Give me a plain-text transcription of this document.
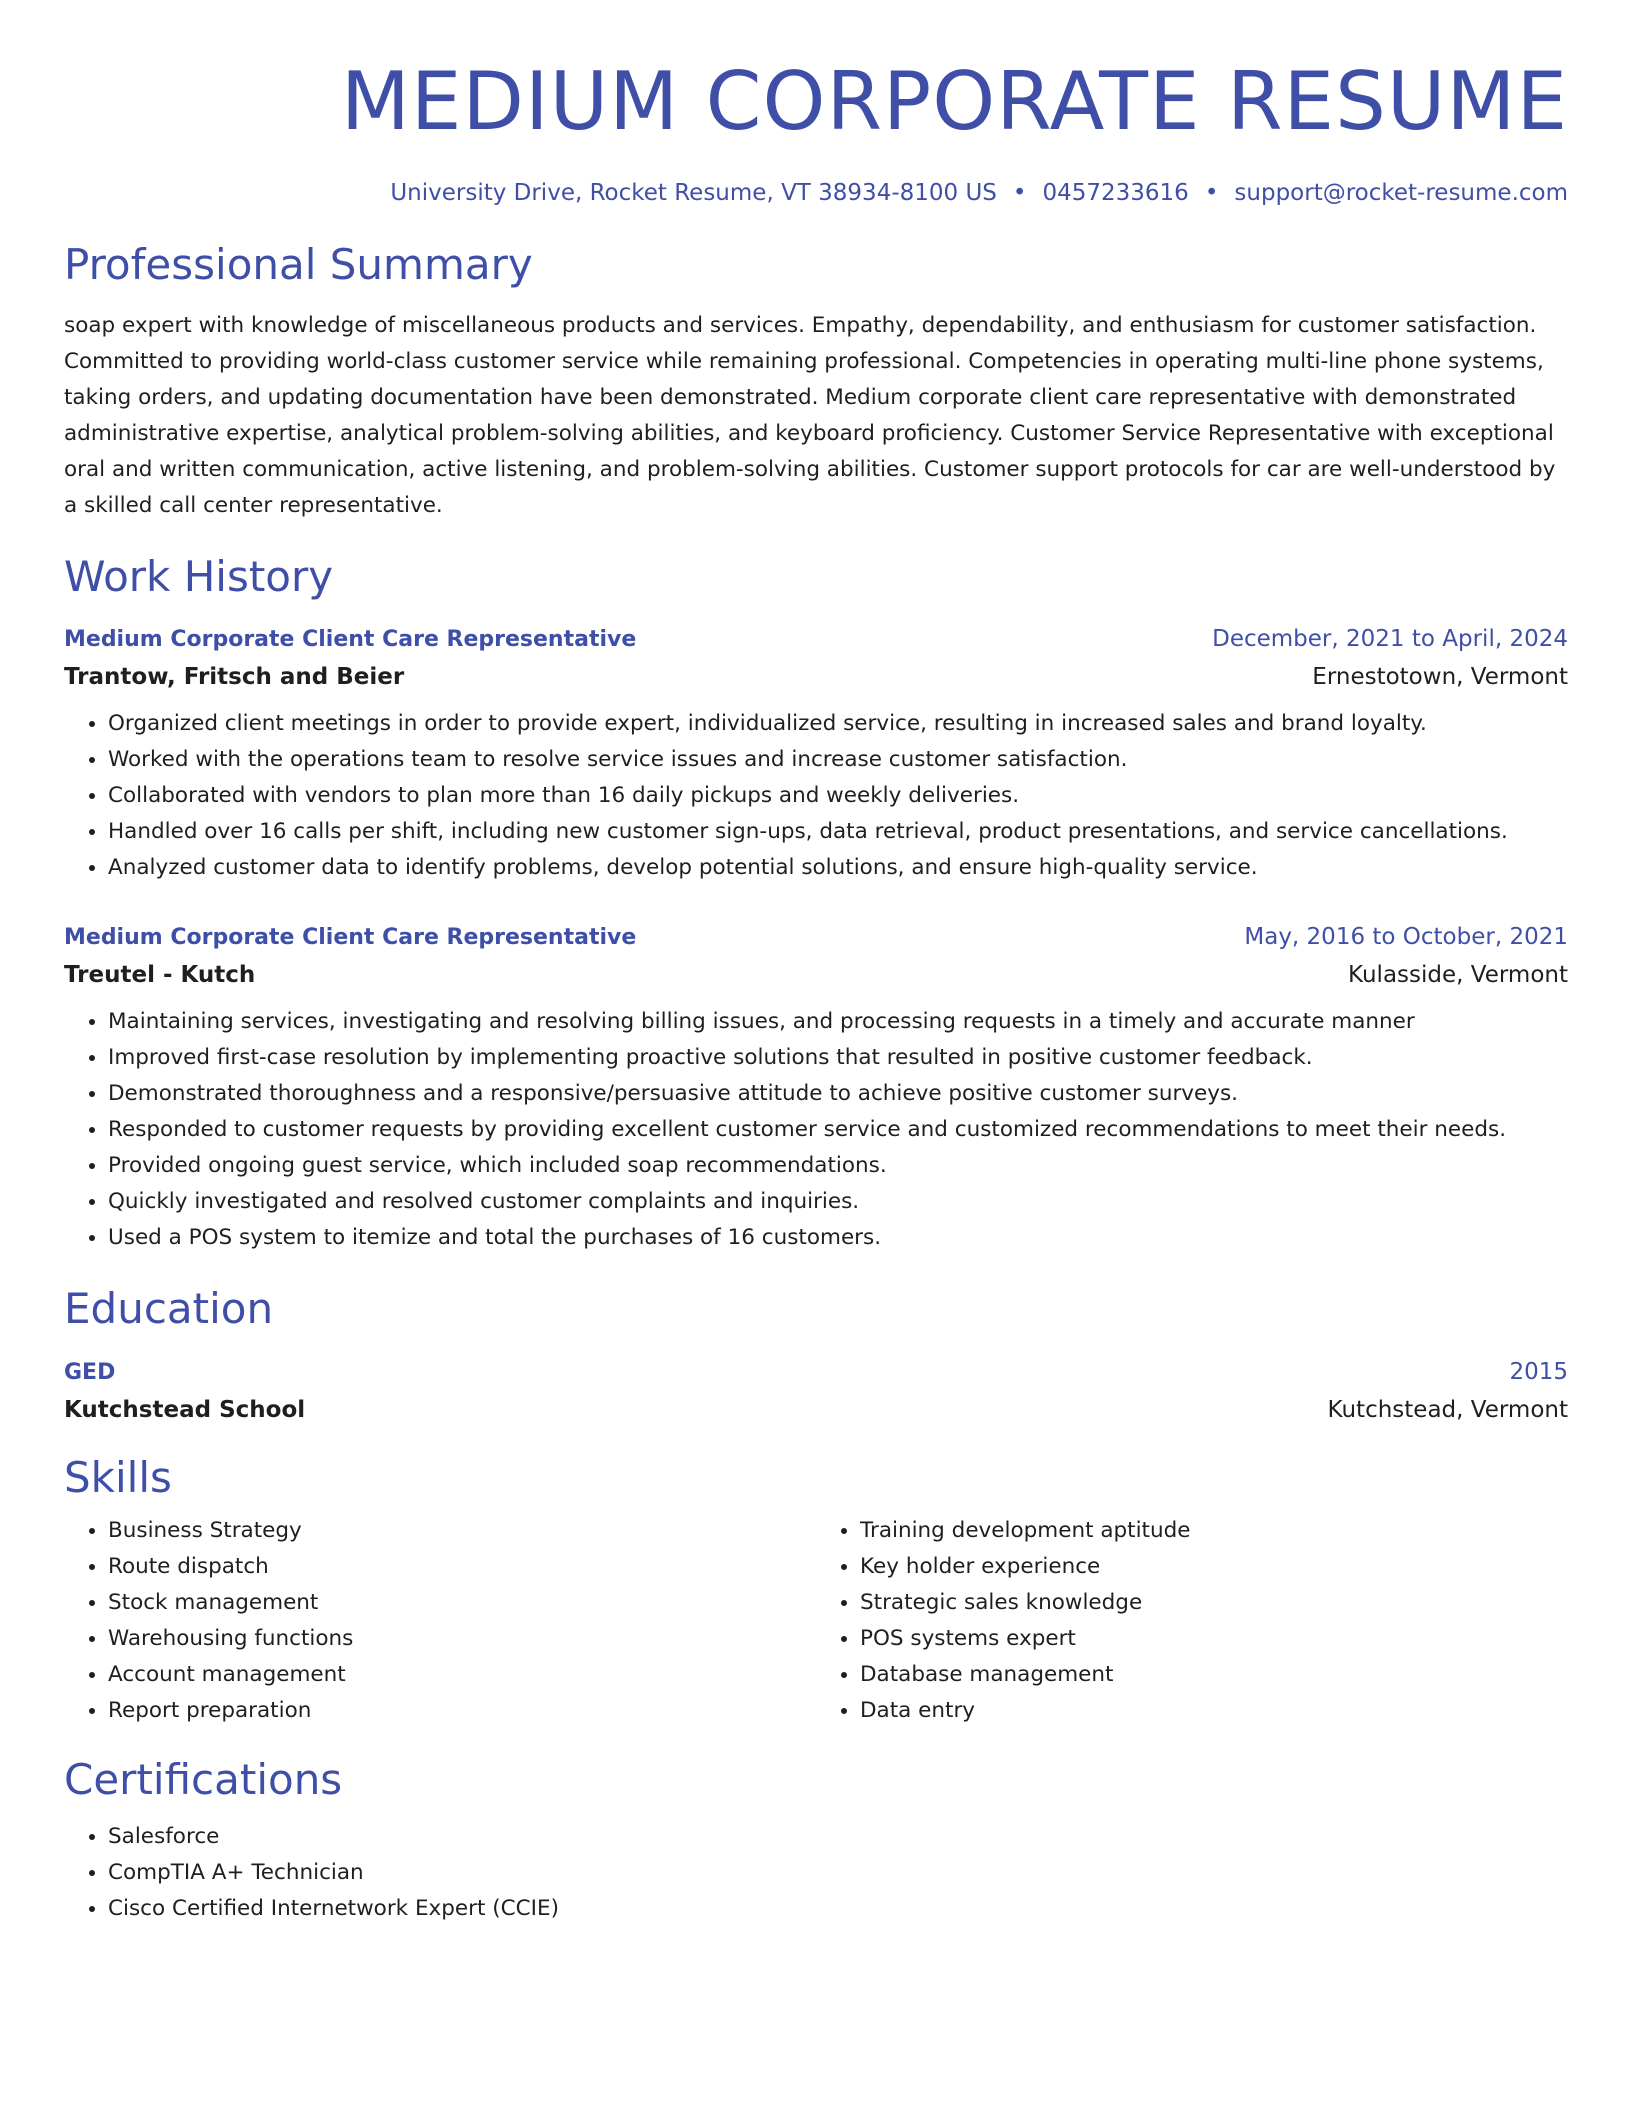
MEDIUM CORPORATE RESUME
University Drive, Rocket Resume, VT 38934-8100 US • 0457233616 • support@rocket-resume.com
Professional Summary
soap expert with knowledge of miscellaneous products and services. Empathy, dependability, and enthusiasm for customer satisfaction. Committed to providing world-class customer service while remaining professional. Competencies in operating multi-line phone systems, taking orders, and updating documentation have been demonstrated. Medium corporate client care representative with demonstrated administrative expertise, analytical problem-solving abilities, and keyboard proficiency. Customer Service Representative with exceptional oral and written communication, active listening, and problem-solving abilities. Customer support protocols for car are well-understood by a skilled call center representative.
Work History
Medium Corporate Client Care Representative	December, 2021 to April, 2024
Trantow, Fritsch and Beier	Ernestotown, Vermont
• Organized client meetings in order to provide expert, individualized service, resulting in increased sales and brand loyalty.
• Worked with the operations team to resolve service issues and increase customer satisfaction.
• Collaborated with vendors to plan more than 16 daily pickups and weekly deliveries.
• Handled over 16 calls per shift, including new customer sign-ups, data retrieval, product presentations, and service cancellations.
• Analyzed customer data to identify problems, develop potential solutions, and ensure high-quality service.
Medium Corporate Client Care Representative	May, 2016 to October, 2021
Treutel - Kutch	Kulasside, Vermont
• Maintaining services, investigating and resolving billing issues, and processing requests in a timely and accurate manner
• Improved first-case resolution by implementing proactive solutions that resulted in positive customer feedback.
• Demonstrated thoroughness and a responsive/persuasive attitude to achieve positive customer surveys.
• Responded to customer requests by providing excellent customer service and customized recommendations to meet their needs.
• Provided ongoing guest service, which included soap recommendations.
• Quickly investigated and resolved customer complaints and inquiries.
• Used a POS system to itemize and total the purchases of 16 customers.
Education
GED	2015
Kutchstead School	Kutchstead, Vermont
Skills
• Business Strategy
• Route dispatch
• Stock management
• Warehousing functions
• Account management
• Report preparation
• Training development aptitude
• Key holder experience
• Strategic sales knowledge
• POS systems expert
• Database management
• Data entry
Certifications
• Salesforce
• CompTIA A+ Technician
• Cisco Certified Internetwork Expert (CCIE)
